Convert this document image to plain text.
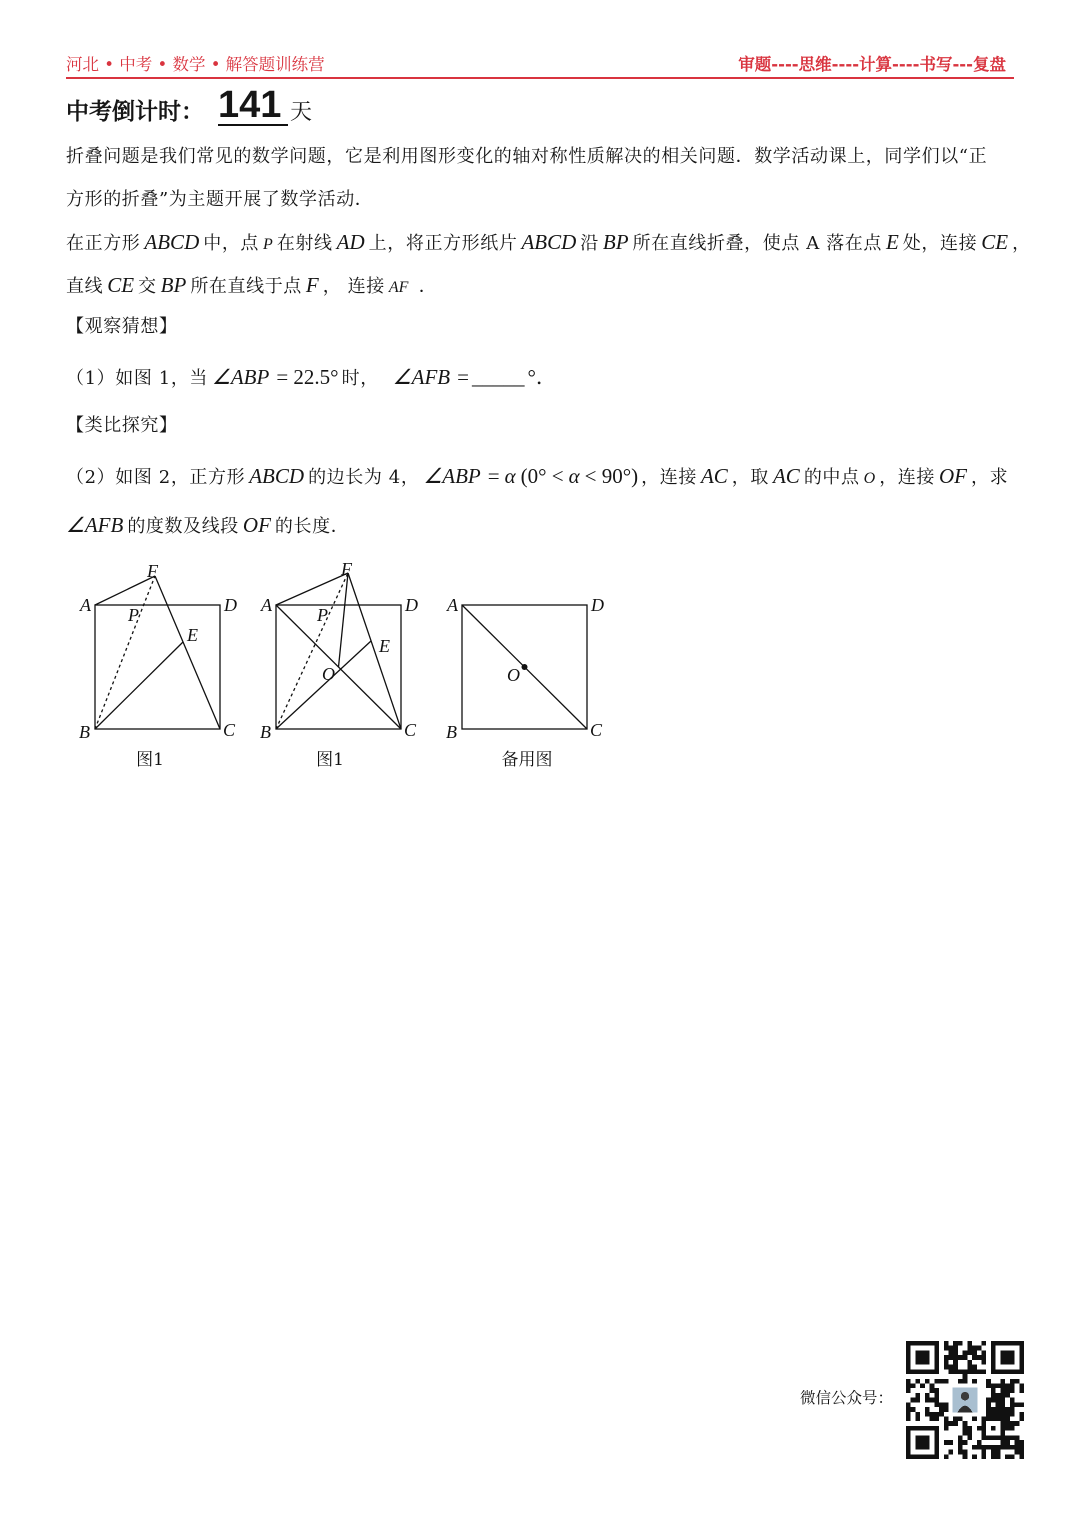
河北 • 中考 • 数学 • 解答题训练营	审题----思维----计算----书写---复盘
中考倒计时： 141 天
折叠问题是我们常见的数学问题，它是利用图形变化的轴对称性质解决的相关问题．数学活动课上，同学们以“正
方形的折叠”为主题开展了数学活动．
在正方形 ABCD 中，点 P 在射线 AD 上，将正方形纸片 ABCD 沿 BP 所在直线折叠，使点 A 落在点 E 处，连接 CE ，
直线 CE 交 BP 所在直线于点 F ， 连接 AF ．
【观察猜想】
（1）如图 1，当 ∠ABP = 22.5° 时， ∠AFB = _____ °．
【类比探究】
（2）如图 2，正方形 ABCD 的边长为 4， ∠ABP = α (0° < α < 90°) ，连接 AC ，取 AC 的中点 O ，连接 OF ，求
∠AFB 的度数及线段 OF 的长度．
F
A P	D
E
B	C
图1
F
A	P	D
E
O
B	C
图1
A	D
O
B	C
备用图
微信公众号：
